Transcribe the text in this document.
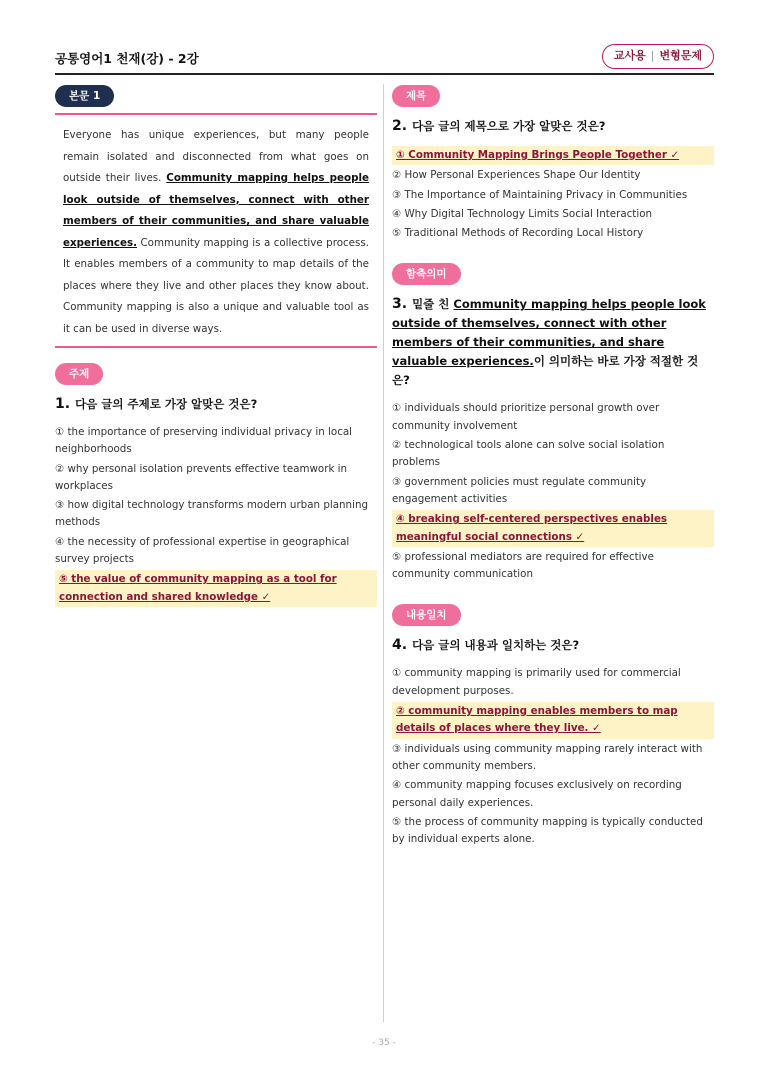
공통영어1 천재(강) - 2강	교사용 | 변형문제
본문 1
Everyone has unique experiences, but many people remain isolated and disconnected from what goes on outside their lives. Community mapping helps people look outside of themselves, connect with other members of their communities, and share valuable experiences. Community mapping is a collective process. It enables members of a community to map details of the places where they live and other places they know about. Community mapping is also a unique and valuable tool as it can be used in diverse ways.
주제
1. 다음 글의 주제로 가장 알맞은 것은?
① the importance of preserving individual privacy in local neighborhoods
② why personal isolation prevents effective teamwork in workplaces
③ how digital technology transforms modern urban planning methods
④ the necessity of professional expertise in geographical survey projects
⑤ the value of community mapping as a tool for connection and shared knowledge ✓
제목
2. 다음 글의 제목으로 가장 알맞은 것은?
① Community Mapping Brings People Together ✓
② How Personal Experiences Shape Our Identity
③ The Importance of Maintaining Privacy in Communities
④ Why Digital Technology Limits Social Interaction
⑤ Traditional Methods of Recording Local History
함축의미
3. 밑줄 친 Community mapping helps people look outside of themselves, connect with other members of their communities, and share valuable experiences.이 의미하는 바로 가장 적절한 것은?
① individuals should prioritize personal growth over community involvement
② technological tools alone can solve social isolation problems
③ government policies must regulate community engagement activities
④ breaking self-centered perspectives enables meaningful social connections ✓
⑤ professional mediators are required for effective community communication
내용일치
4. 다음 글의 내용과 일치하는 것은?
① community mapping is primarily used for commercial development purposes.
② community mapping enables members to map details of places where they live. ✓
③ individuals using community mapping rarely interact with other community members.
④ community mapping focuses exclusively on recording personal daily experiences.
⑤ the process of community mapping is typically conducted by individual experts alone.
- 35 -
